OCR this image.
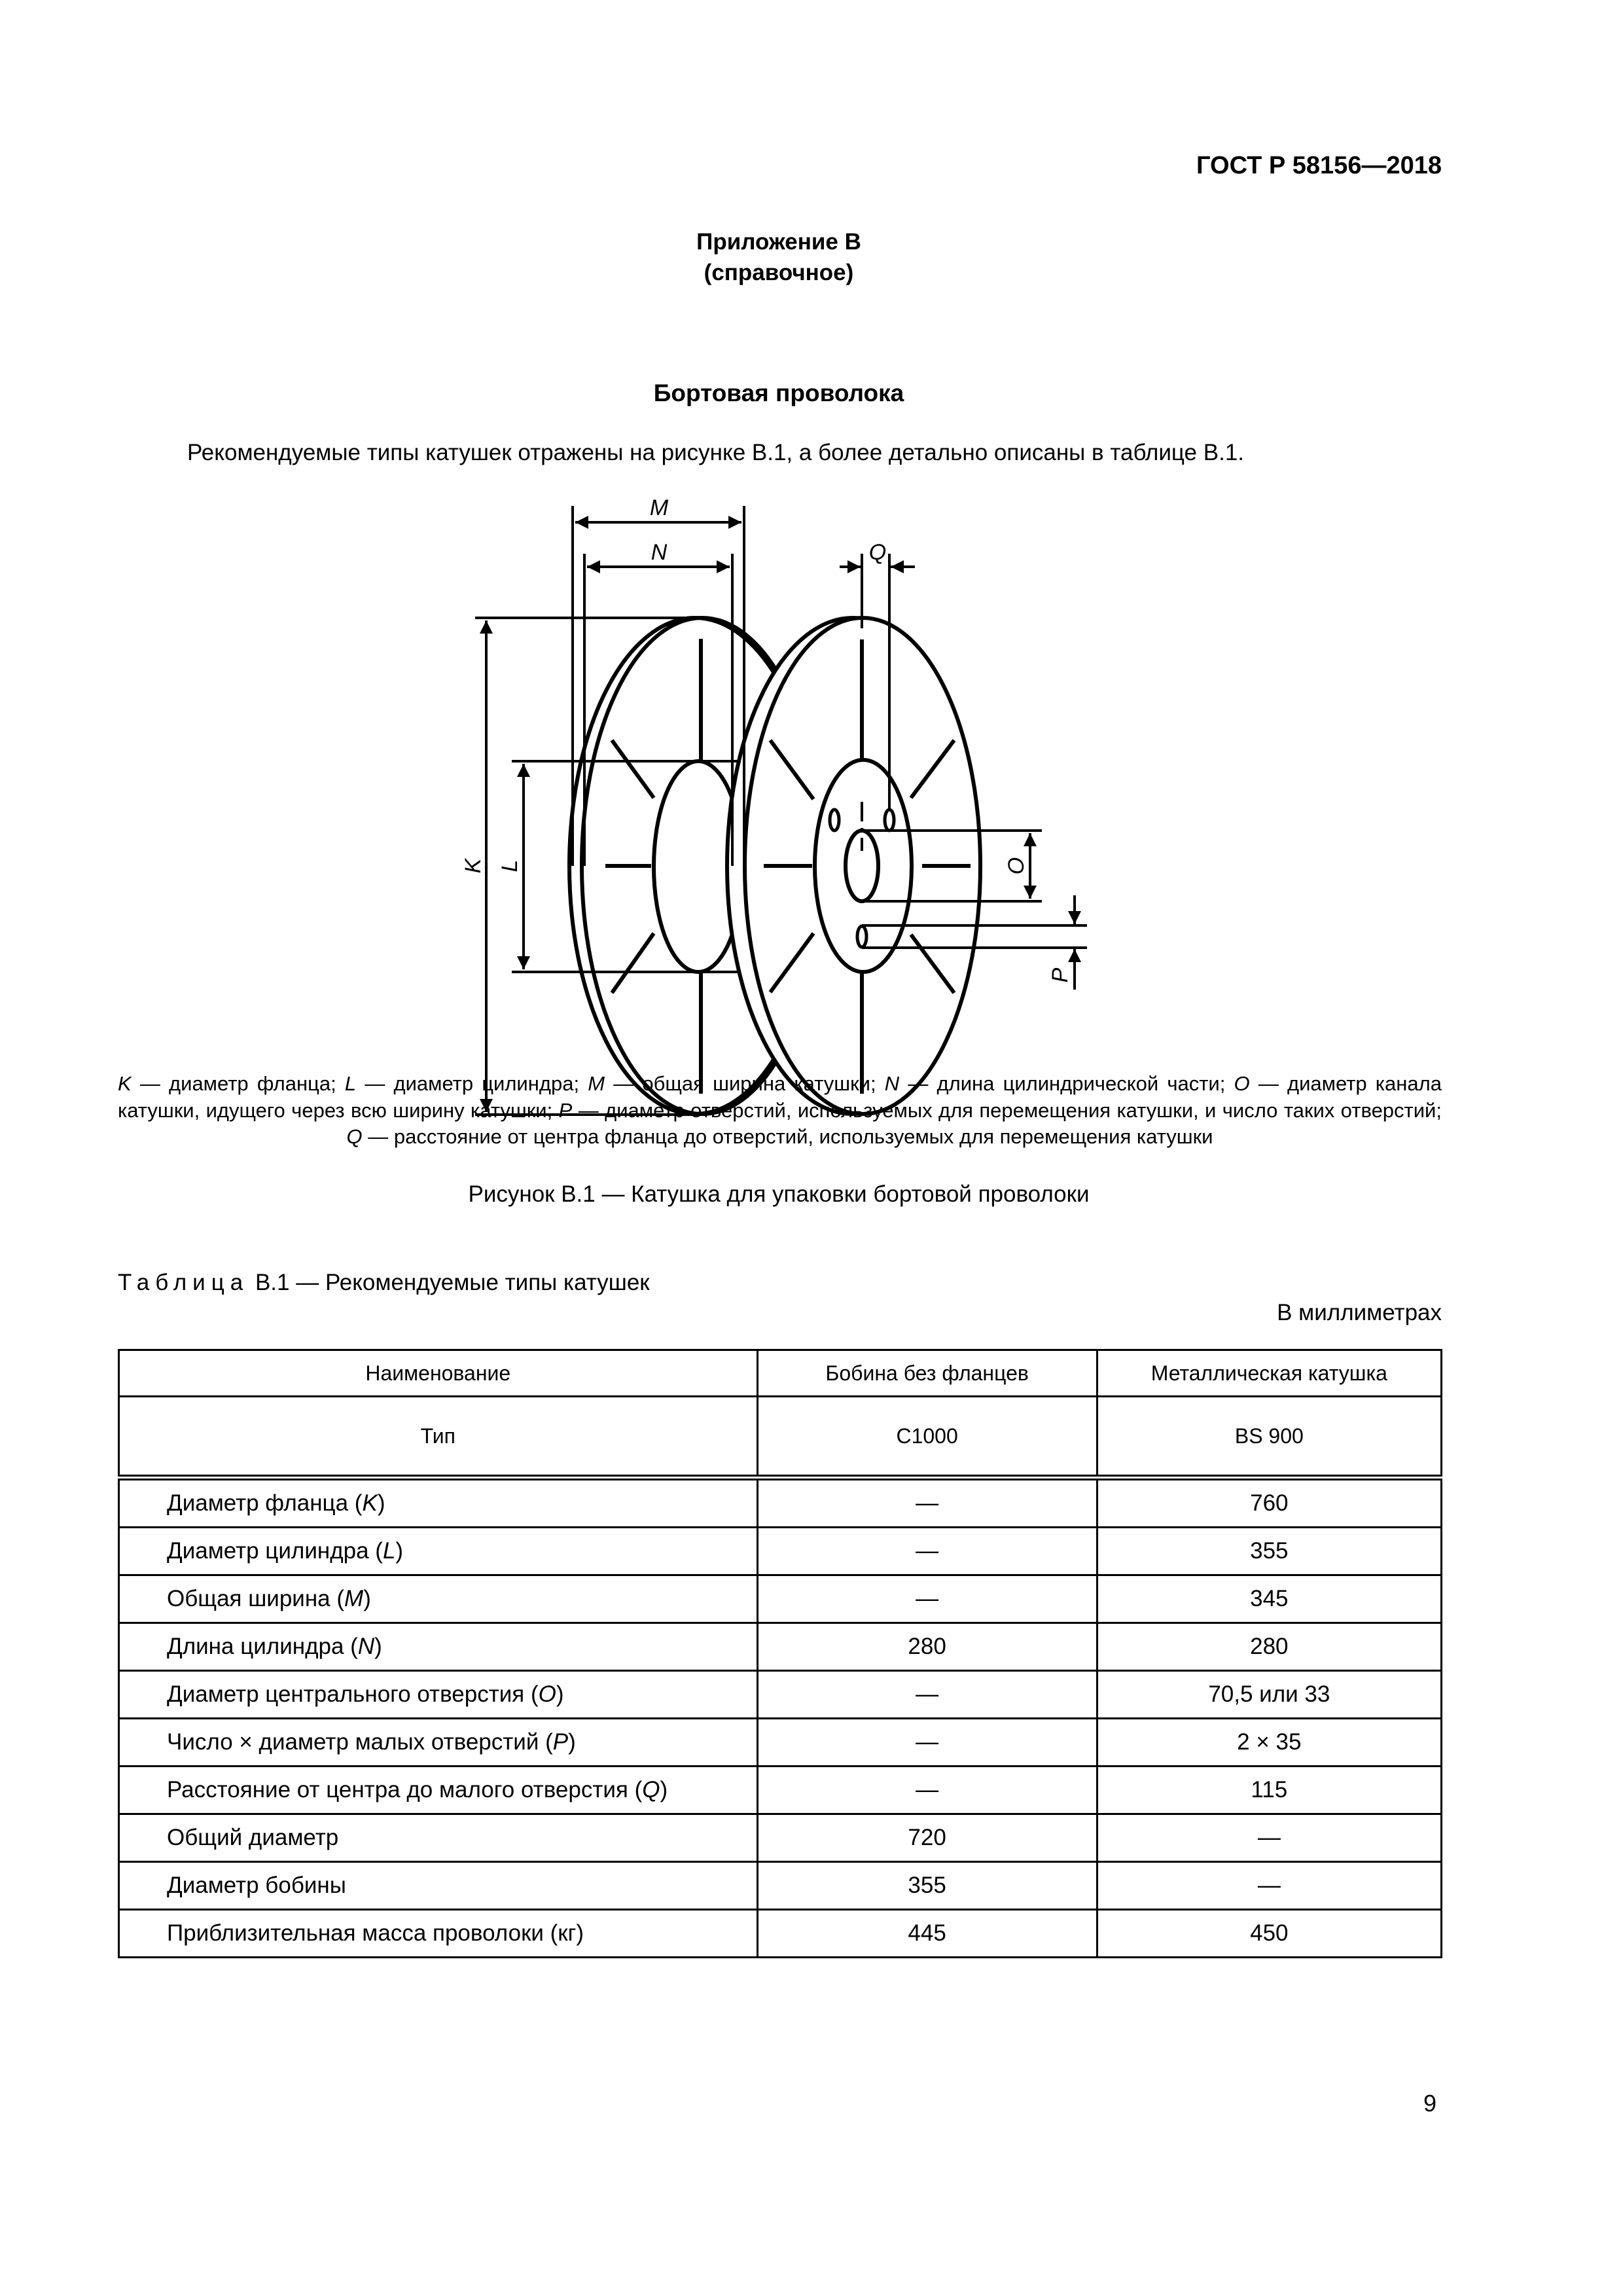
ГОСТ Р 58156—2018
Приложение В
(справочное)
Бортовая проволока
Рекомендуемые типы катушек отражены на рисунке В.1, а более детально описаны в таблице В.1.
M
N	Q
K L	O
P
K — диаметр фланца; L — диаметр цилиндра; M — общая ширина катушки; N — длина цилиндрической части; O — диаметр канала катушки, идущего через всю ширину катушки; P — диаметр отверстий, используемых для перемещения катушки, и число таких отверстий; Q — расстояние от центра фланца до отверстий, используемых для перемещения катушки
Рисунок В.1 — Катушка для упаковки бортовой проволоки
Таблица В.1 — Рекомендуемые типы катушек
В миллиметрах
Наименование	Бобина без фланцев	Металлическая катушка
Тип	C1000	BS 900
Диаметр фланца (K)	—	760
Диаметр цилиндра (L)	—	355
Общая ширина (M)	—	345
Длина цилиндра (N)	280	280
Диаметр центрального отверстия (O)	—	70,5 или 33
Число × диаметр малых отверстий (P)	—	2 × 35
Расстояние от центра до малого отверстия (Q)	—	115
Общий диаметр	720	—
Диаметр бобины	355	—
Приблизительная масса проволоки (кг)	445	450
9
